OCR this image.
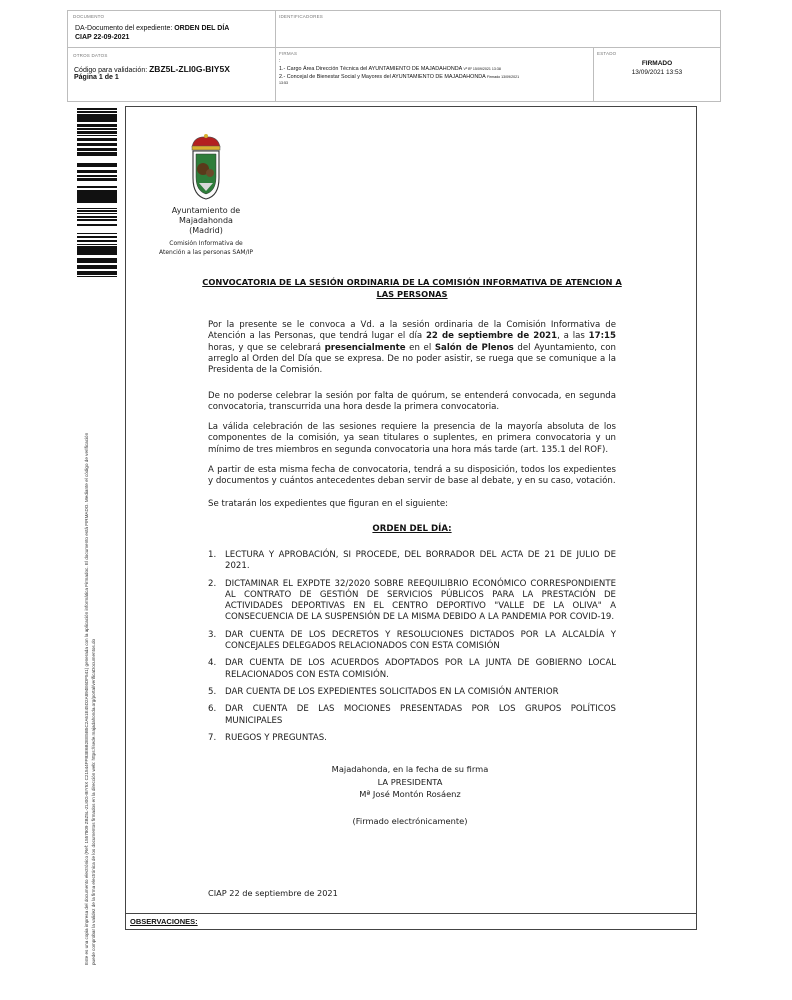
DOCUMENTO
DA-Documento del expediente: ORDEN DEL DÍA
CIAP 22-09-2021
IDENTIFICADORES
OTROS DATOS
Código para validación: ZBZ5L-ZLI0G-BIY5X
Página 1 de 1
FIRMAS
:
1.- Cargo Área Dirección Técnica del AYUNTAMIENTO DE MAJADAHONDA Vº Bº 15/09/2021 13:38
2.- Concejal de Bienestar Social y Mayores del AYUNTAMIENTO DE MAJADAHONDA Firmado 13/09/2021
13:53
ESTADO
FIRMADO
13/09/2021 13:53
Este es una copia impresa del documento electrónico (Ref: 1557809 ZBZ5L-ZLI0G-BIY5X C21544FFB3E6B2EE5B5C2A61E45D2A894E6DF541) generada con la aplicación informática Firmadoc. El documento está FIRMADO. Mediante el código de verificación puede comprobar la validez de la firma electrónica de los documentos firmados en la dirección web: https://sede.majadahonda.org/portal/verificaDocumentos.do
Ayuntamiento de
Majadahonda
(Madrid)
Comisión Informativa de
Atención a las personas SAM/IP
CONVOCATORIA DE LA SESIÓN ORDINARIA DE LA COMISIÓN INFORMATIVA DE ATENCION A
LAS PERSONAS
Por la presente se le convoca a Vd. a la sesión ordinaria de la Comisión Informativa de Atención a las Personas, que tendrá lugar el día 22 de septiembre de 2021, a las 17:15 horas, y que se celebrará presencialmente en el Salón de Plenos del Ayuntamiento, con arreglo al Orden del Día que se expresa. De no poder asistir, se ruega que se comunique a la Presidenta de la Comisión.
De no poderse celebrar la sesión por falta de quórum, se entenderá convocada, en segunda convocatoria, transcurrida una hora desde la primera convocatoria.
La válida celebración de las sesiones requiere la presencia de la mayoría absoluta de los componentes de la comisión, ya sean titulares o suplentes, en primera convocatoria y un mínimo de tres miembros en segunda convocatoria una hora más tarde (art. 135.1 del ROF).
A partir de esta misma fecha de convocatoria, tendrá a su disposición, todos los expedientes y documentos y cuántos antecedentes deban servir de base al debate, y en su caso, votación.
Se tratarán los expedientes que figuran en el siguiente:
ORDEN DEL DÍA:
1.	LECTURA Y APROBACIÓN, SI PROCEDE, DEL BORRADOR DEL ACTA DE 21 DE JULIO DE 2021.
2.	DICTAMINAR EL EXPDTE 32/2020 SOBRE REEQUILIBRIO ECONÓMICO CORRESPONDIENTE AL CONTRATO DE GESTIÓN DE SERVICIOS PÚBLICOS PARA LA PRESTACIÓN DE ACTIVIDADES DEPORTIVAS EN EL CENTRO DEPORTIVO "VALLE DE LA OLIVA" A CONSECUENCIA DE LA SUSPENSIÓN DE LA MISMA DEBIDO A LA PANDEMIA POR COVID-19.
3.	DAR CUENTA DE LOS DECRETOS Y RESOLUCIONES DICTADOS POR LA ALCALDÍA Y CONCEJALES DELEGADOS RELACIONADOS CON ESTA COMISIÓN
4.	DAR CUENTA DE LOS ACUERDOS ADOPTADOS POR LA JUNTA DE GOBIERNO LOCAL RELACIONADOS CON ESTA COMISIÓN.
5.	DAR CUENTA DE LOS EXPEDIENTES SOLICITADOS EN LA COMISIÓN ANTERIOR
6.	DAR CUENTA DE LAS MOCIONES PRESENTADAS POR LOS GRUPOS POLÍTICOS MUNICIPALES
7.	RUEGOS Y PREGUNTAS.
Majadahonda, en la fecha de su firma
LA PRESIDENTA
Mª José Montón Rosáenz
(Firmado electrónicamente)
CIAP 22 de septiembre de 2021
OBSERVACIONES:
